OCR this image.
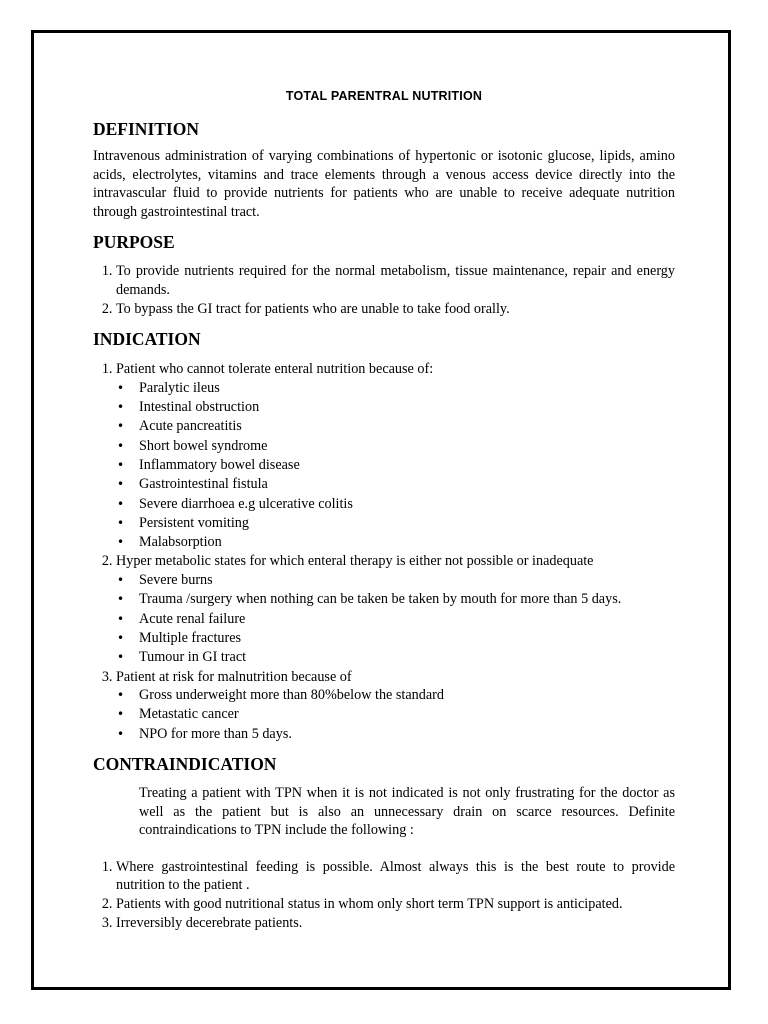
TOTAL PARENTRAL NUTRITION
DEFINITION

Intravenous administration of varying combinations of hypertonic or isotonic glucose, lipids, amino acids, electrolytes, vitamins and trace elements through a venous access device directly into the intravascular fluid to provide nutrients for patients who are unable to receive adequate nutrition through gastrointestinal tract.

PURPOSE
1. To provide nutrients required for the normal metabolism, tissue maintenance, repair and energy demands.
2. To bypass the GI tract for patients who are unable to take food orally.
INDICATION
1. Patient who cannot tolerate enteral nutrition because of:
• Paralytic ileus
• Intestinal obstruction
• Acute pancreatitis
• Short bowel syndrome
• Inflammatory bowel disease
• Gastrointestinal fistula
• Severe diarrhoea e.g ulcerative colitis
• Persistent vomiting
• Malabsorption
2. Hyper metabolic states for which enteral therapy is either not possible or inadequate
• Severe burns
• Trauma /surgery when nothing can be taken be taken by mouth for more than 5 days.
• Acute renal failure
• Multiple fractures
• Tumour in GI tract
3. Patient at risk for malnutrition because of
• Gross underweight more than 80%below the standard
• Metastatic cancer
• NPO for more than 5 days.
CONTRAINDICATION

Treating a patient with TPN when it is not indicated is not only frustrating for the doctor as well as the patient but is also an unnecessary drain on scarce resources. Definite contraindications to TPN include the following :

1. Where gastrointestinal feeding is possible. Almost always this is the best route to provide nutrition to the patient .
2. Patients with good nutritional status in whom only short term TPN support is anticipated.
3. Irreversibly decerebrate patients.
